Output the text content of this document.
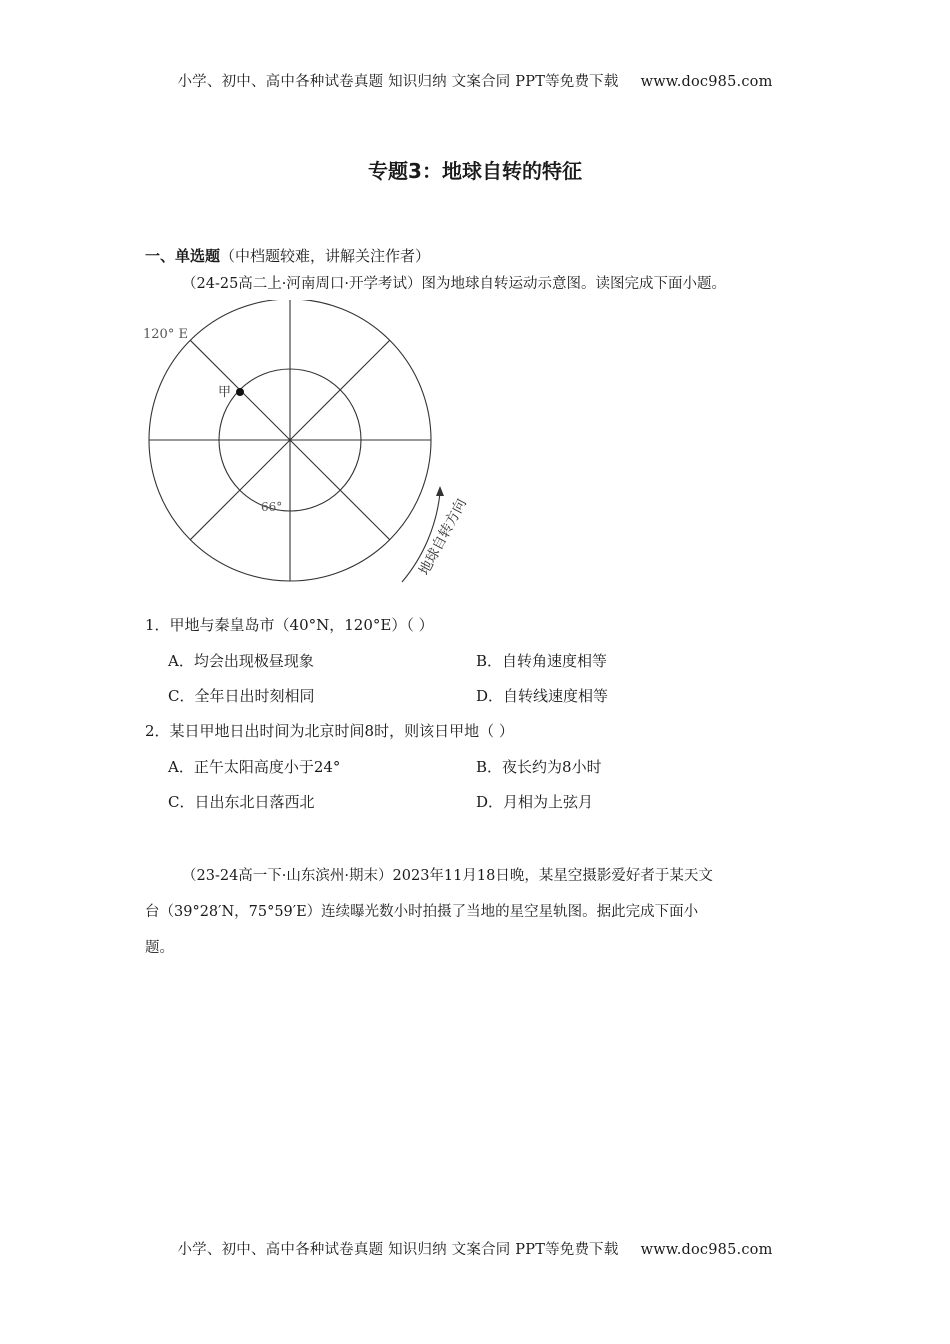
小学、初中、高中各种试卷真题 知识归纳 文案合同 PPT等免费下载 www.doc985.com
专题3：地球自转的特征
一、单选题（中档题较难，讲解关注作者）
（24-25高二上·河南周口·开学考试）图为地球自转运动示意图。读图完成下面小题。
120° E
甲
66°	地球自转方向
1．甲地与秦皇岛市（40°N，120°E）（ ）
A．均会出现极昼现象	B．自转角速度相等
C．全年日出时刻相同	D．自转线速度相等
2．某日甲地日出时间为北京时间8时，则该日甲地（ ）
A．正午太阳高度小于24°	B．夜长约为8小时
C．日出东北日落西北	D．月相为上弦月
（23-24高一下·山东滨州·期末）2023年11月18日晚，某星空摄影爱好者于某天文
台（39°28′N，75°59′E）连续曝光数小时拍摄了当地的星空星轨图。据此完成下面小
题。
小学、初中、高中各种试卷真题 知识归纳 文案合同 PPT等免费下载 www.doc985.com
